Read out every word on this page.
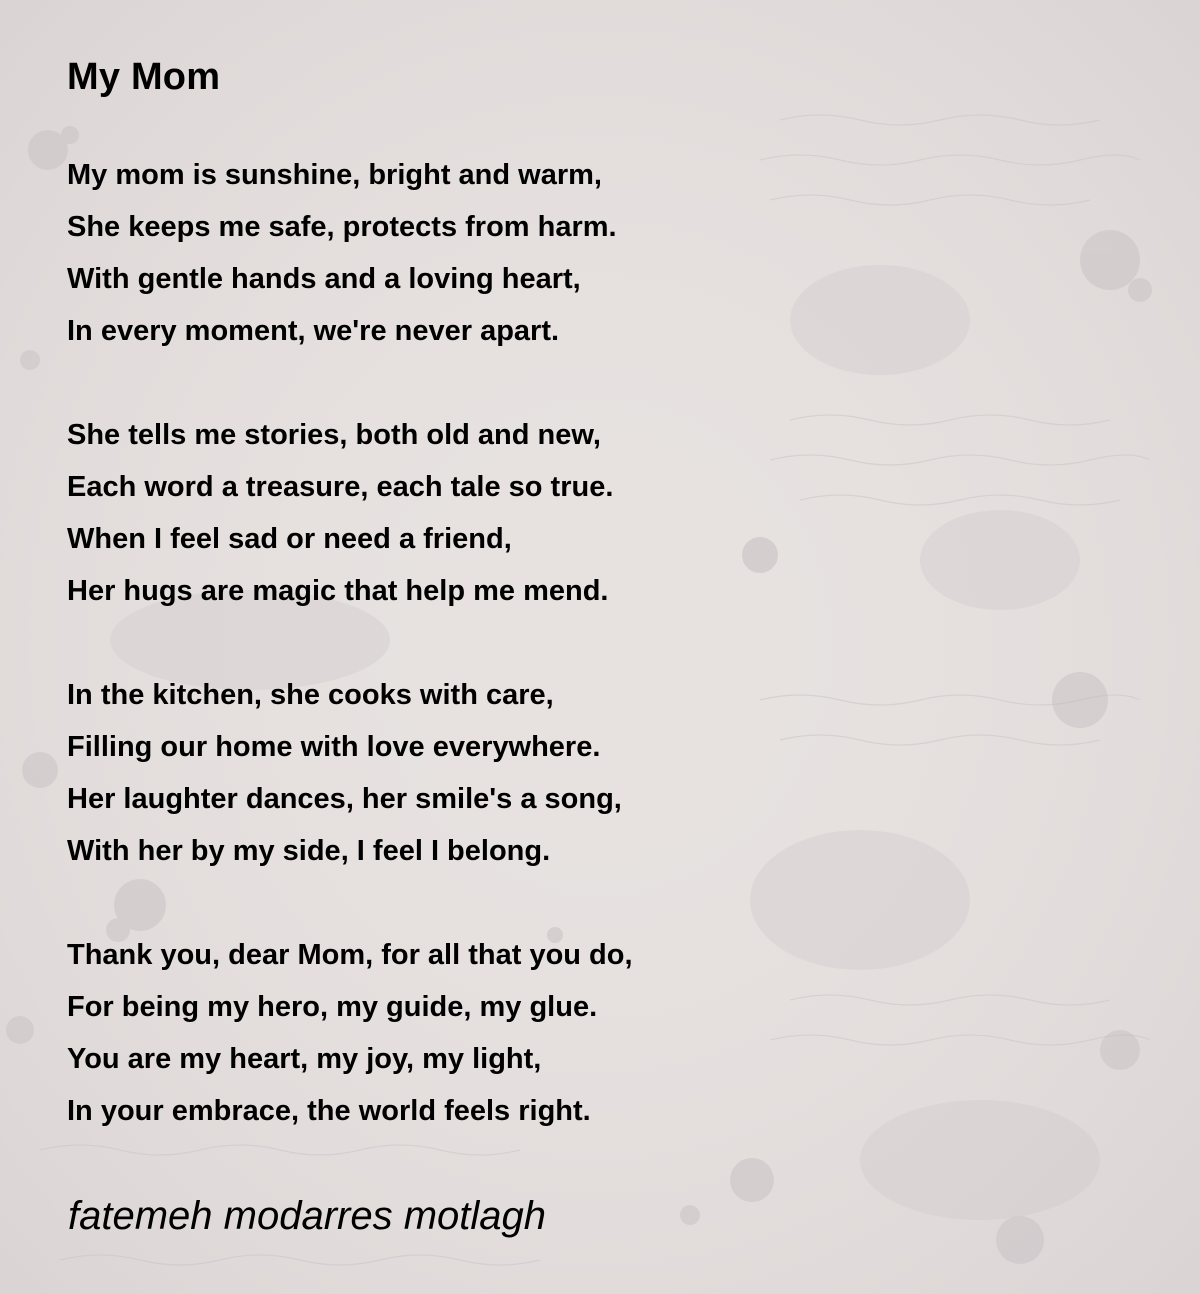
My Mom
My mom is sunshine, bright and warm,
She keeps me safe, protects from harm.
With gentle hands and a loving heart,
In every moment, we're never apart.
She tells me stories, both old and new,
Each word a treasure, each tale so true.
When I feel sad or need a friend,
Her hugs are magic that help me mend.
In the kitchen, she cooks with care,
Filling our home with love everywhere.
Her laughter dances, her smile's a song,
With her by my side, I feel I belong.
Thank you, dear Mom, for all that you do,
For being my hero, my guide, my glue.
You are my heart, my joy, my light,
In your embrace, the world feels right.

fatemeh modarres motlagh
